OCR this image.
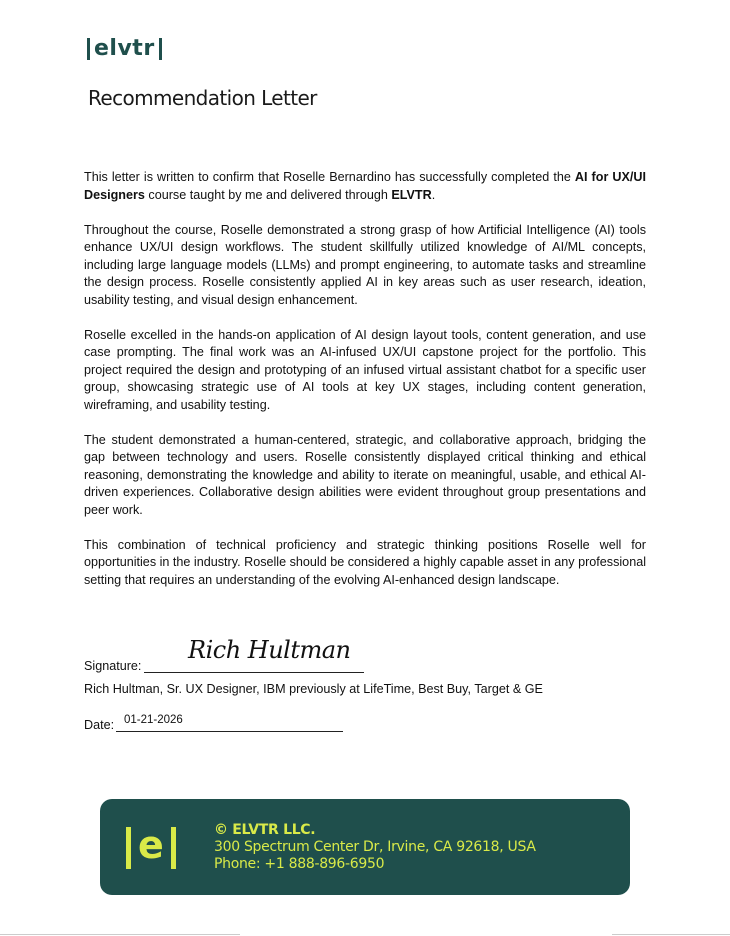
elvtr
Recommendation Letter

This letter is written to confirm that Roselle Bernardino has successfully completed the AI for UX/UI Designers course taught by me and delivered through ELVTR.

Throughout the course, Roselle demonstrated a strong grasp of how Artificial Intelligence (AI) tools enhance UX/UI design workflows. The student skillfully utilized knowledge of AI/ML concepts, including large language models (LLMs) and prompt engineering, to automate tasks and streamline the design process. Roselle consistently applied AI in key areas such as user research, ideation, usability testing, and visual design enhancement.

Roselle excelled in the hands-on application of AI design layout tools, content generation, and use case prompting. The final work was an AI-infused UX/UI capstone project for the portfolio. This project required the design and prototyping of an infused virtual assistant chatbot for a specific user group, showcasing strategic use of AI tools at key UX stages, including content generation, wireframing, and usability testing.

The student demonstrated a human-centered, strategic, and collaborative approach, bridging the gap between technology and users. Roselle consistently displayed critical thinking and ethical reasoning, demonstrating the knowledge and ability to iterate on meaningful, usable, and ethical AI-driven experiences. Collaborative design abilities were evident throughout group presentations and peer work.

This combination of technical proficiency and strategic thinking positions Roselle well for opportunities in the industry. Roselle should be considered a highly capable asset in any professional setting that requires an understanding of the evolving AI-enhanced design landscape.

Signature:
Rich Hultman
Rich Hultman, Sr. UX Designer, IBM previously at LifeTime, Best Buy, Target & GE
Date: 01-21-2026
e	© ELVTR LLC.
300 Spectrum Center Dr, Irvine, CA 92618, USA
Phone: +1 888-896-6950
